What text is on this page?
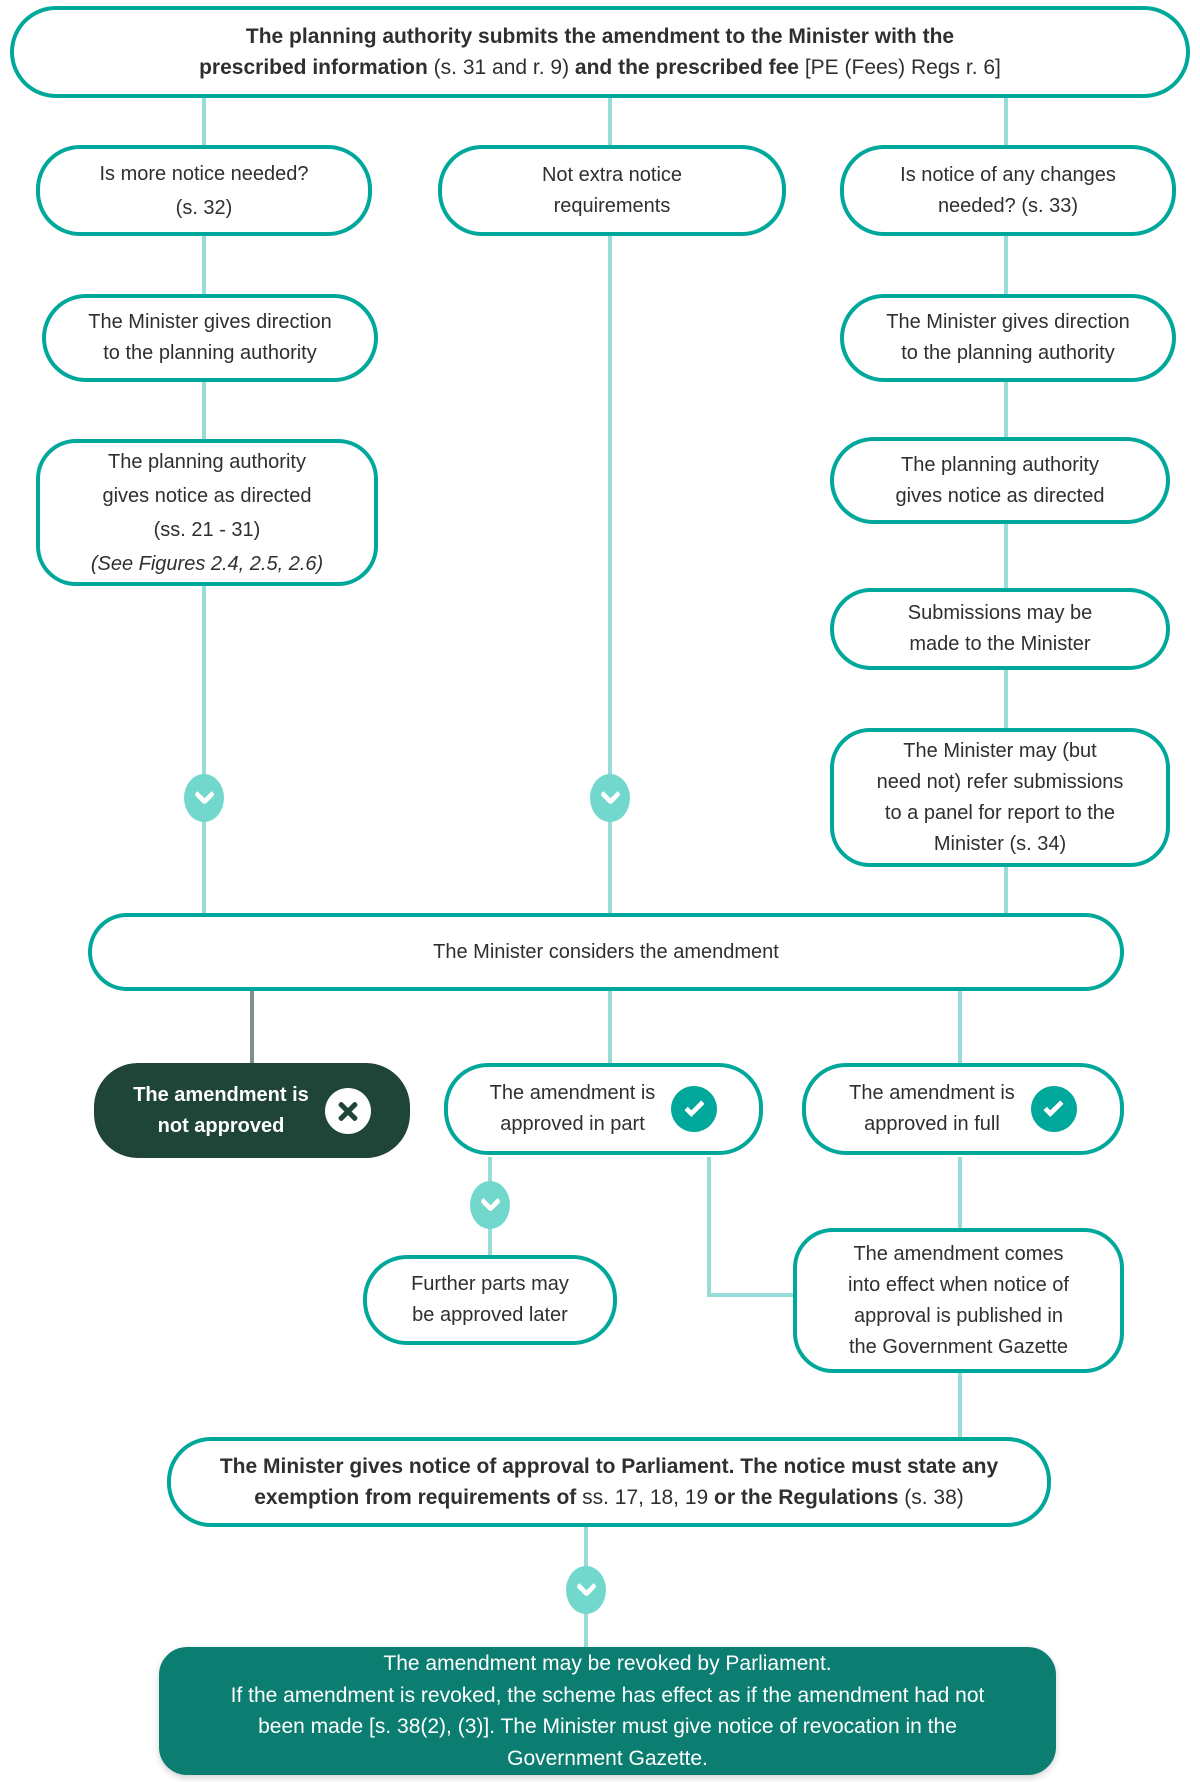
The planning authority submits the amendment to the Minister with the
prescribed information (s. 31 and r. 9) and the prescribed fee [PE (Fees) Regs r. 6]
Is more notice needed?
(s. 32)
Not extra notice
requirements
Is notice of any changes
needed? (s. 33)
The Minister gives direction
to the planning authority
The Minister gives direction
to the planning authority
The planning authority
gives notice as directed
(ss. 21 - 31)
(See Figures 2.4, 2.5, 2.6)
The planning authority
gives notice as directed
Submissions may be
made to the Minister
The Minister may (but
need not) refer submissions
to a panel for report to the
Minister (s. 34)
The Minister considers the amendment
The amendment is
not approved
The amendment is
approved in part
The amendment is
approved in full
Further parts may
be approved later
The amendment comes
into effect when notice of
approval is published in
the Government Gazette
The Minister gives notice of approval to Parliament. The notice must state any
exemption from requirements of ss. 17, 18, 19 or the Regulations (s. 38)
The amendment may be revoked by Parliament.
If the amendment is revoked, the scheme has effect as if the amendment had not
been made [s. 38(2), (3)]. The Minister must give notice of revocation in the
Government Gazette.
